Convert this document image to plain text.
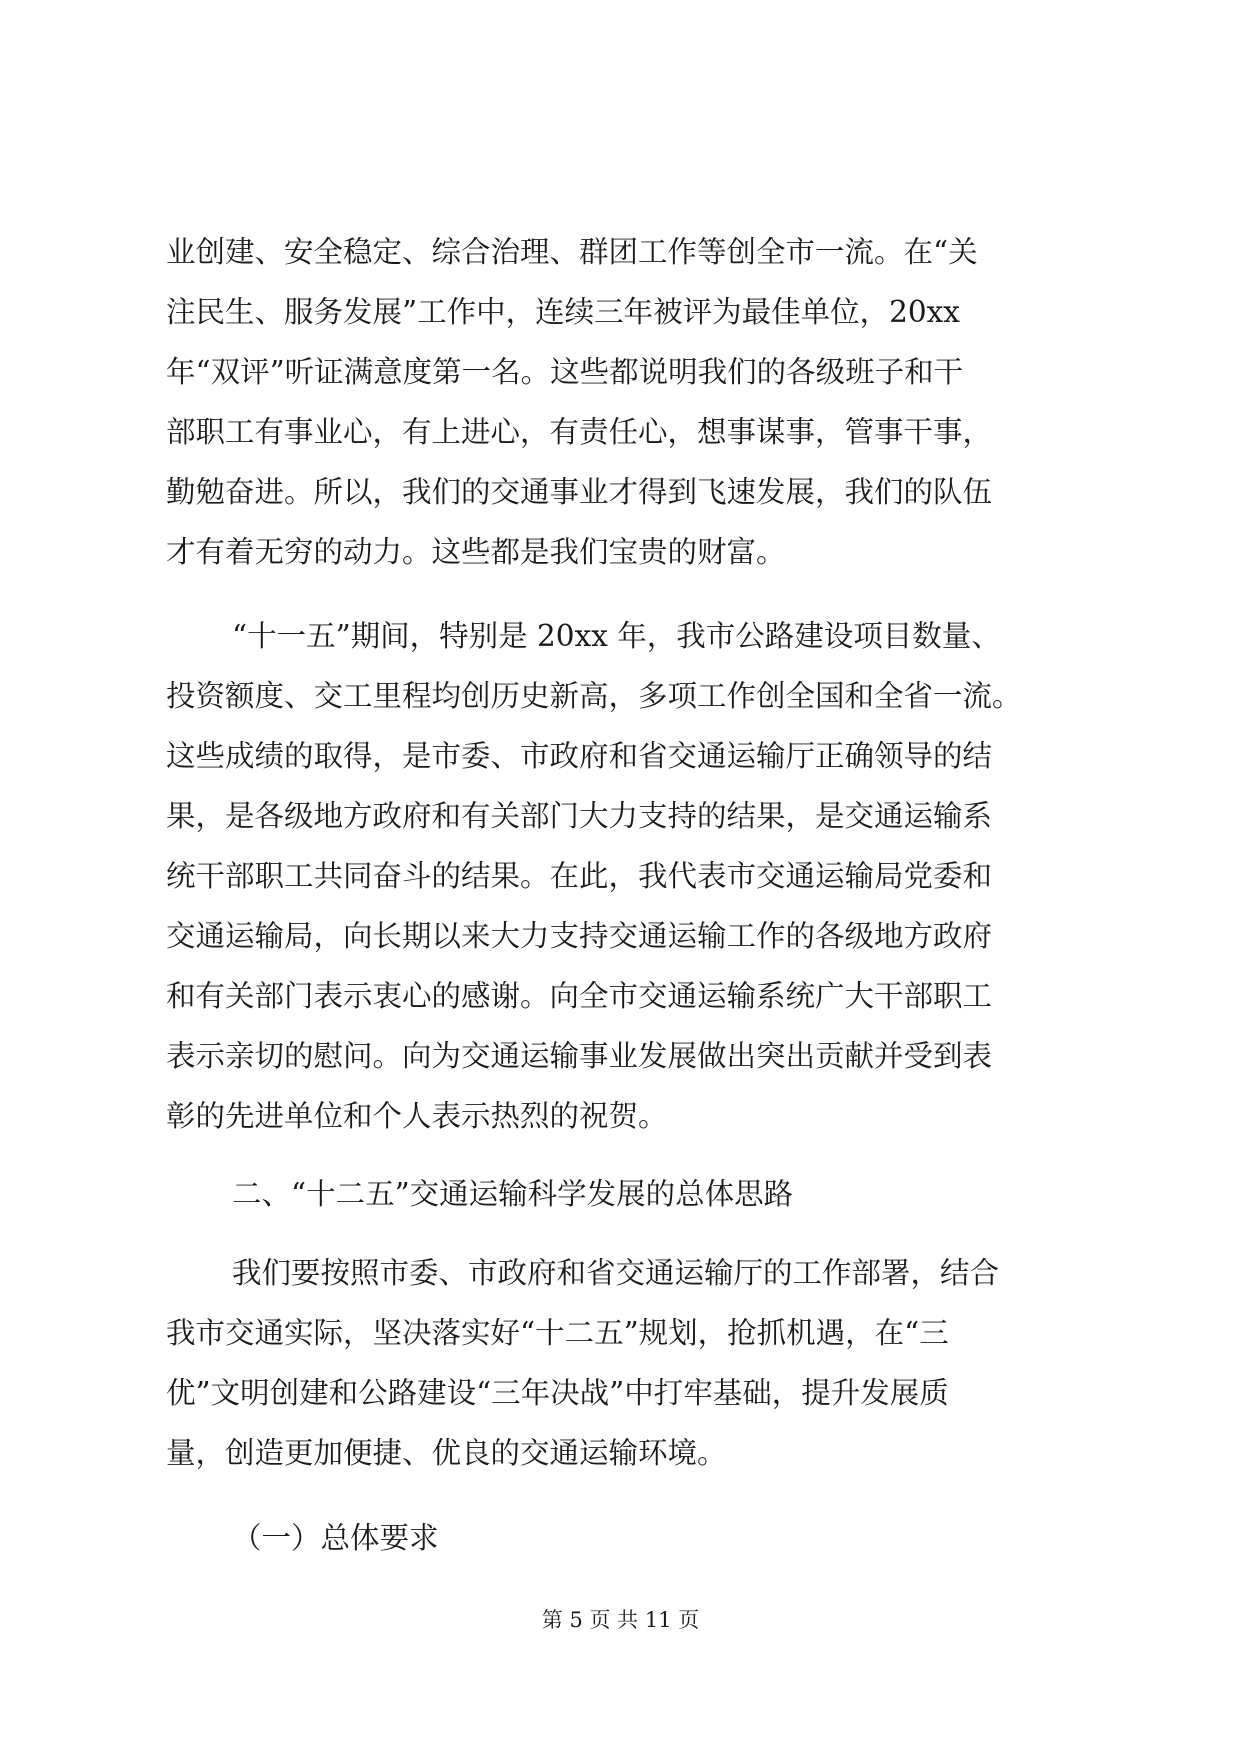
业创建、安全稳定、综合治理、群团工作等创全市一流。在“关
注民生、服务发展”工作中，连续三年被评为最佳单位，20xx
年“双评”听证满意度第一名。这些都说明我们的各级班子和干
部职工有事业心，有上进心，有责任心，想事谋事，管事干事，
勤勉奋进。所以，我们的交通事业才得到飞速发展，我们的队伍
才有着无穷的动力。这些都是我们宝贵的财富。
“十一五”期间，特别是 20xx 年，我市公路建设项目数量、
投资额度、交工里程均创历史新高，多项工作创全国和全省一流。
这些成绩的取得，是市委、市政府和省交通运输厅正确领导的结
果，是各级地方政府和有关部门大力支持的结果，是交通运输系
统干部职工共同奋斗的结果。在此，我代表市交通运输局党委和
交通运输局，向长期以来大力支持交通运输工作的各级地方政府
和有关部门表示衷心的感谢。向全市交通运输系统广大干部职工
表示亲切的慰问。向为交通运输事业发展做出突出贡献并受到表
彰的先进单位和个人表示热烈的祝贺。
二、“十二五”交通运输科学发展的总体思路
我们要按照市委、市政府和省交通运输厅的工作部署，结合
我市交通实际，坚决落实好“十二五”规划，抢抓机遇，在“三
优”文明创建和公路建设“三年决战”中打牢基础，提升发展质
量，创造更加便捷、优良的交通运输环境。
（一）总体要求
第 5 页 共 11 页
